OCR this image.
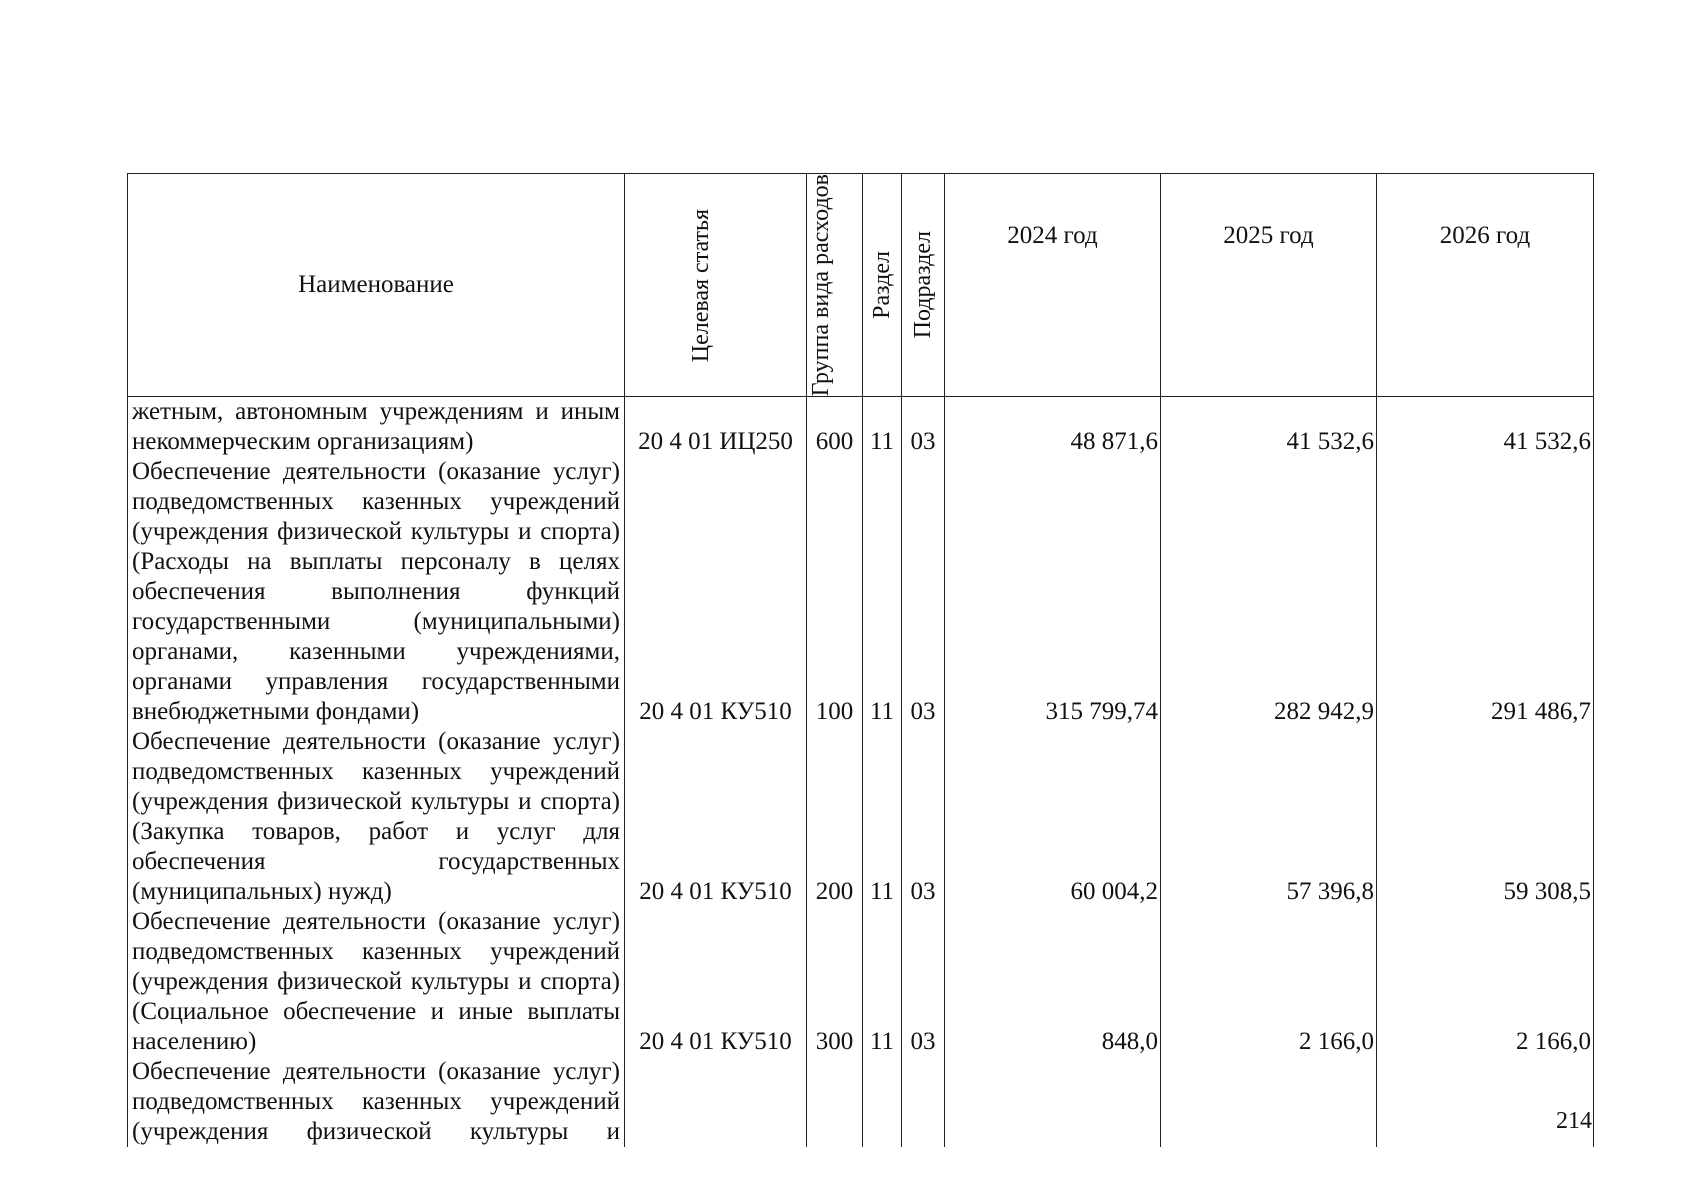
Наименование	Целевая статья	Группа вида расходов	Раздел	Подраздел	2024 год	2025 год	2026 год
жетным, автономным учреждениям и иным некоммерческим организациям)	20 4 01 ИЦ250	600	11	03	48 871,6	41 532,6	41 532,6
Обеспечение деятельности (оказание услуг) подведомственных казенных учреждений (учреждения физической культуры и спорта) (Расходы на выплаты персоналу в целях обеспечения выполнения функций государственными (муниципальными) органами, казенными учреждениями, органами управления государственными внебюджетными фондами)	20 4 01 КУ510	100	11	03	315 799,74	282 942,9	291 486,7
Обеспечение деятельности (оказание услуг) подведомственных казенных учреждений (учреждения физической культуры и спорта) (Закупка товаров, работ и услуг для обеспечения государственных (муниципальных) нужд)	20 4 01 КУ510	200	11	03	60 004,2	57 396,8	59 308,5
Обеспечение деятельности (оказание услуг) подведомственных казенных учреждений (учреждения физической культуры и спорта) (Социальное обеспечение и иные выплаты населению)	20 4 01 КУ510	300	11	03	848,0	2 166,0	2 166,0
Обеспечение деятельности (оказание услуг) подведомственных казенных учреждений (учреждения физической культуры и								214
